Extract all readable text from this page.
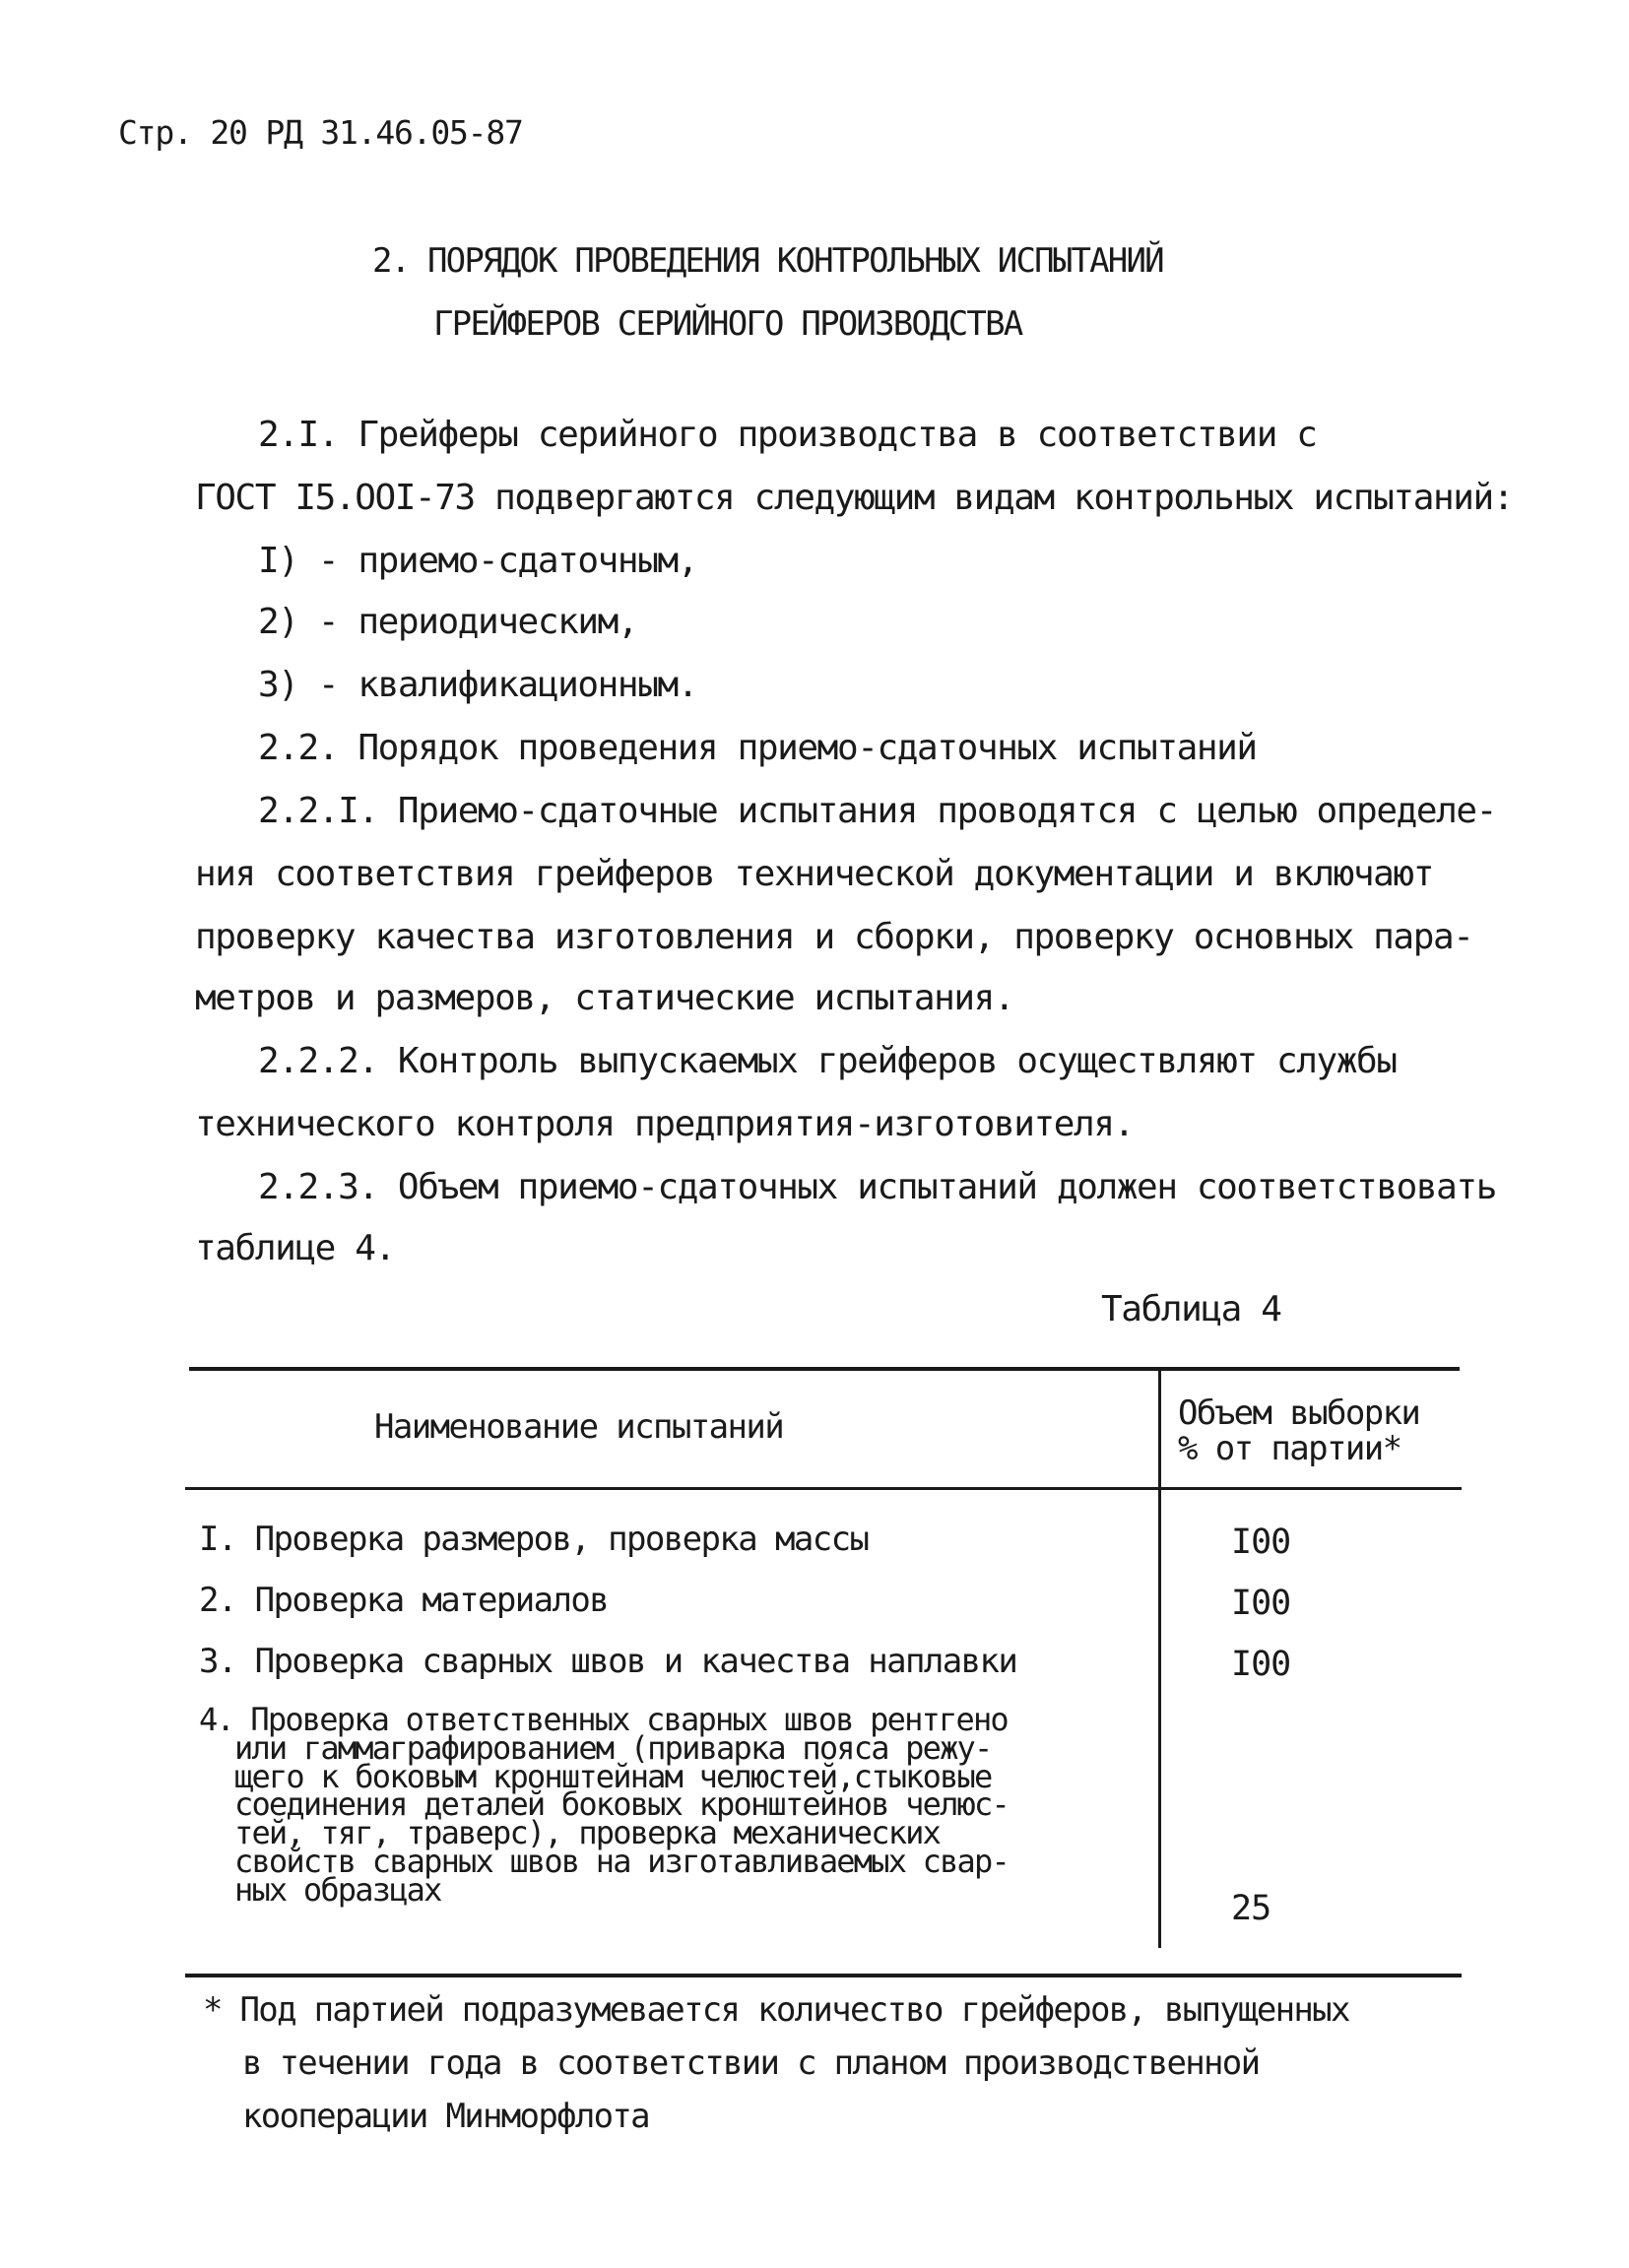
Стр. 20 РД 31.46.05-87
2. ПОРЯДОК ПРОВЕДЕНИЯ КОНТРОЛЬНЫХ ИСПЫТАНИЙ
ГРЕЙФЕРОВ СЕРИЙНОГО ПРОИЗВОДСТВА
2.I. Грейферы серийного производства в соответствии с
ГОСТ I5.OOI-73 подвергаются следующим видам контрольных испытаний:
I) - приемо-сдаточным,
2) - периодическим,
3) - квалификационным.
2.2. Порядок проведения приемо-сдаточных испытаний
2.2.I. Приемо-сдаточные испытания проводятся с целью определе-
ния соответствия грейферов технической документации и включают
проверку качества изготовления и сборки, проверку основных пара-
метров и размеров, статические испытания.
2.2.2. Контроль выпускаемых грейферов осуществляют службы
технического контроля предприятия-изготовителя.
2.2.3. Объем приемо-сдаточных испытаний должен соответствовать
таблице 4.
Таблица 4
Наименование испытаний	Объем выборки
% от партии*
I. Проверка размеров, проверка массы	I00
2. Проверка материалов	I00
3. Проверка сварных швов и качества наплавки	I00
4. Проверка ответственных сварных швов рентгено
или гаммаграфированием (приварка пояса режу-
щего к боковым кронштейнам челюстей,стыковые
соединения деталей боковых кронштейнов челюс-
тей, тяг, траверс), проверка механических
свойств сварных швов на изготавливаемых свар-
ных образцах	25
* Под партией подразумевается количество грейферов, выпущенных
в течении года в соответствии с планом производственной
кооперации Минморфлота
